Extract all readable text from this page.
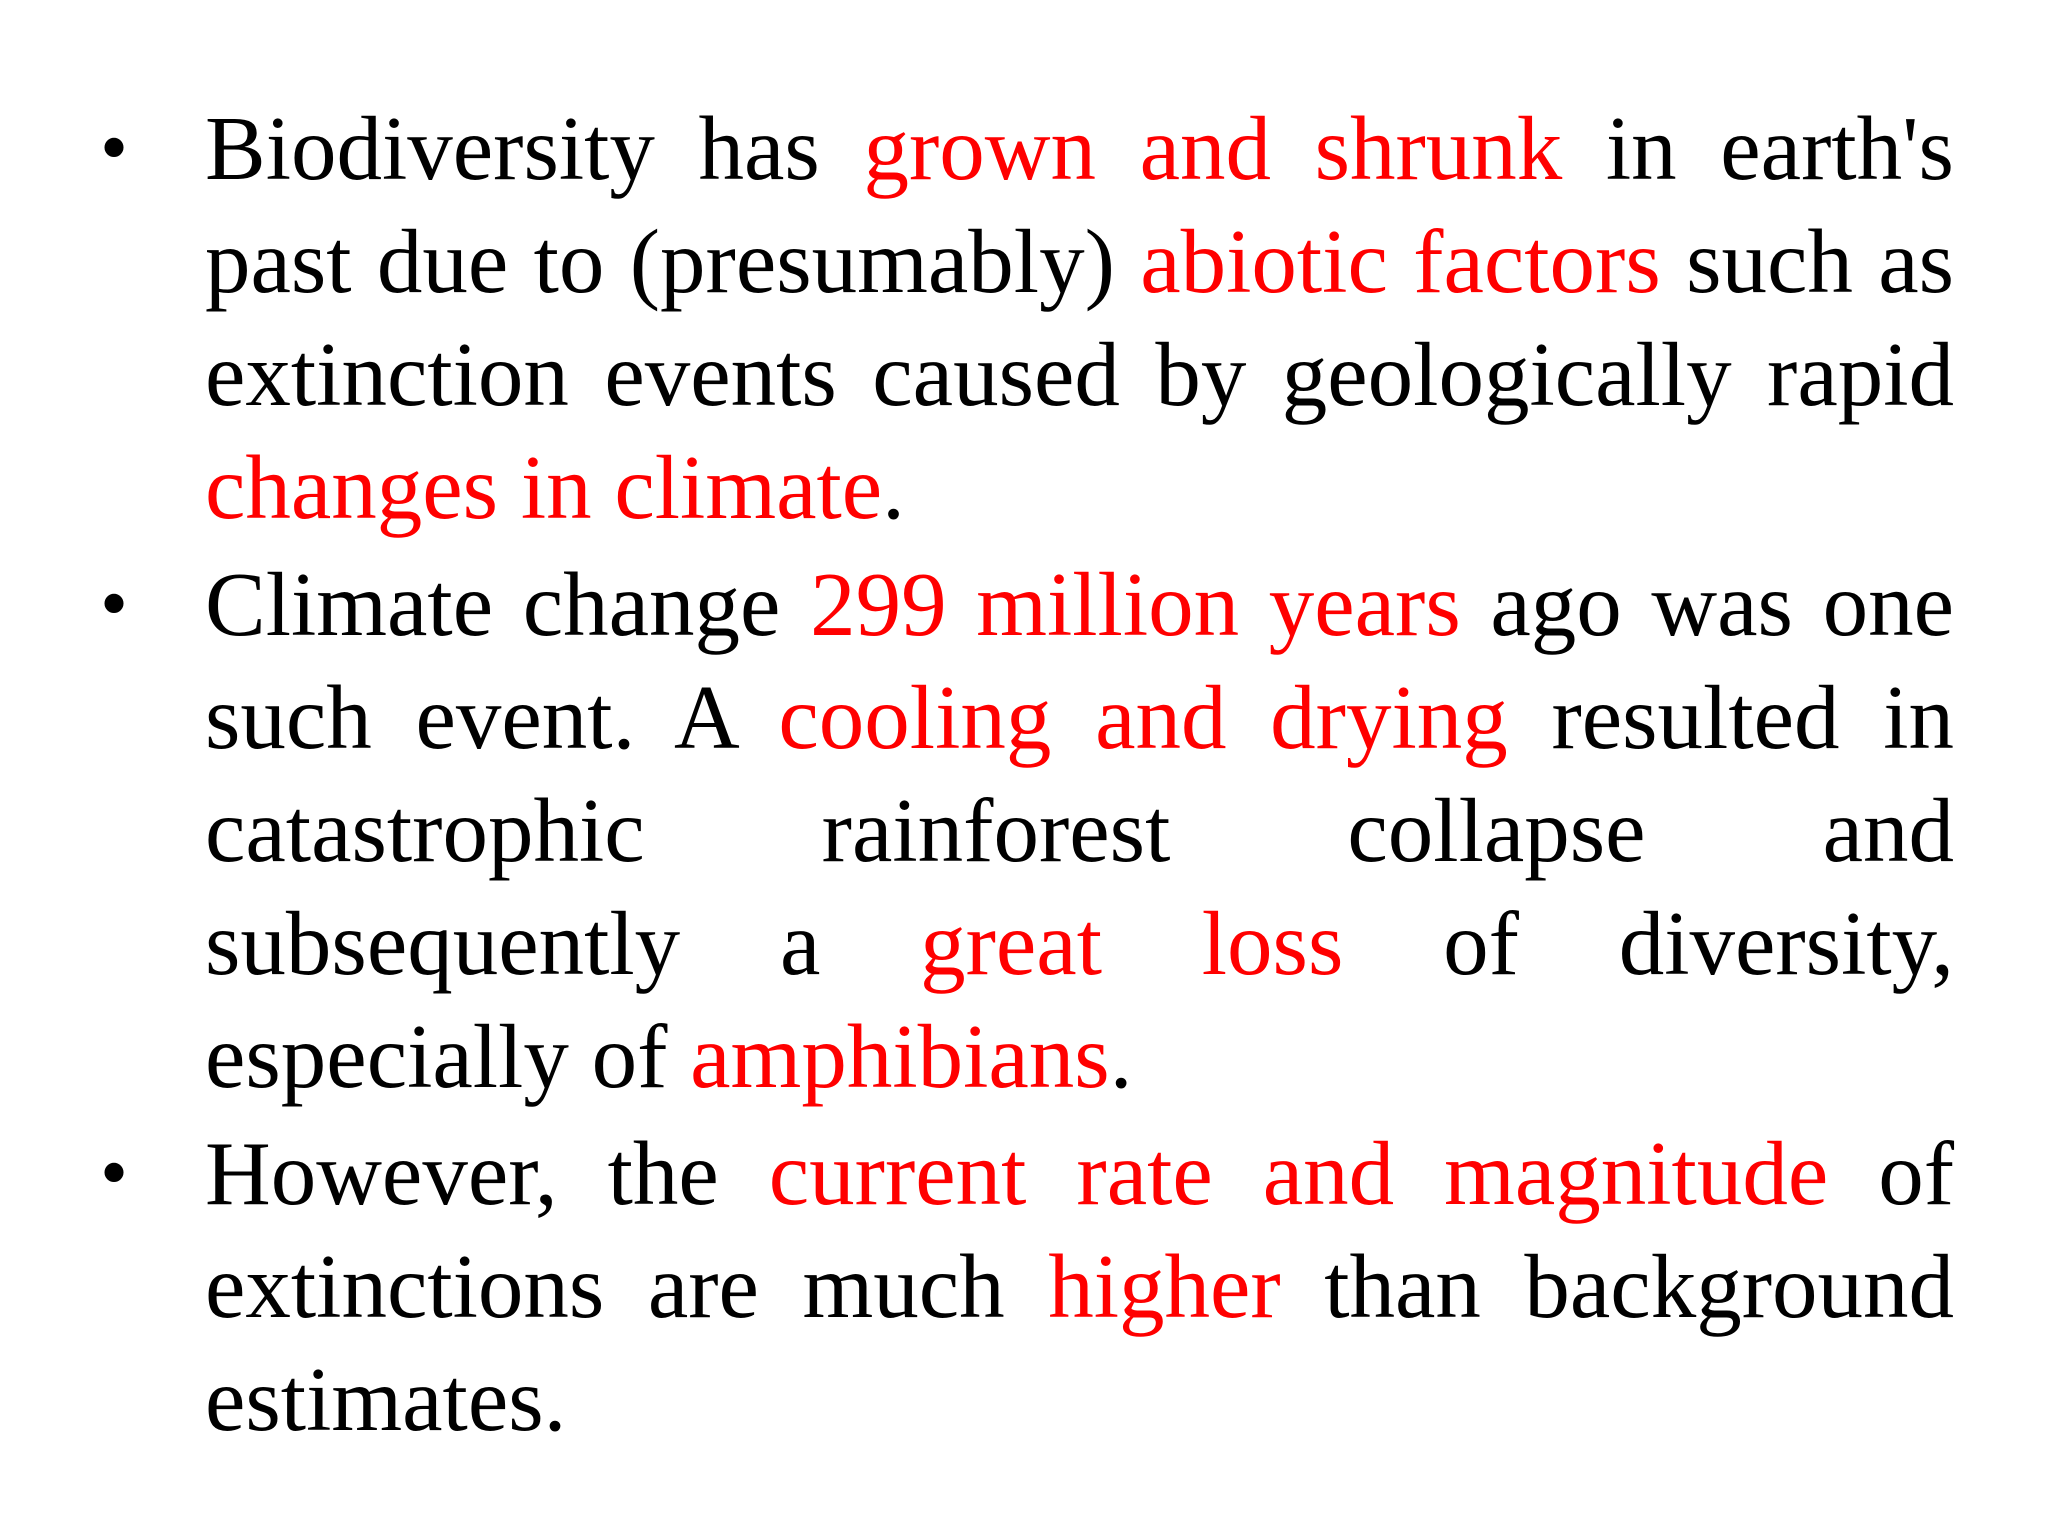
• Biodiversity has grown and shrunk in earth's past due to (presumably) abiotic factors such as extinction events caused by geologically rapid changes in climate.
• Climate change 299 million years ago was one such event. A cooling and drying resulted in catastrophic rainforest collapse and subsequently a great loss of diversity, especially of amphibians.
• However, the current rate and magnitude of extinctions are much higher than background estimates.
